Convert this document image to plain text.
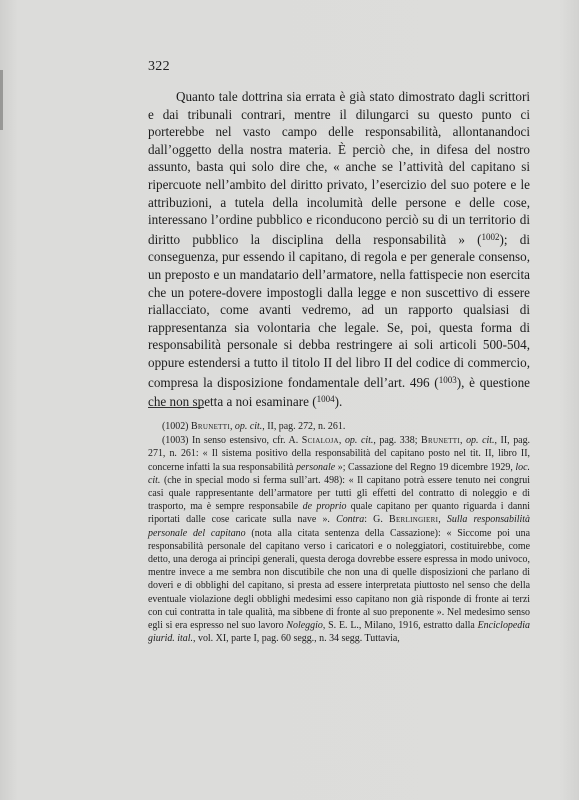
322

Quanto tale dottrina sia errata è già stato dimostrato dagli scrittori e dai tribunali contrari, mentre il dilungarci su questo punto ci porterebbe nel vasto campo delle responsabilità, allontanandoci dall’oggetto della nostra materia. È perciò che, in difesa del nostro assunto, basta qui solo dire che, « anche se l’attività del capitano si ripercuote nell’ambito del diritto privato, l’esercizio del suo potere e le attribuzioni, a tutela della incolumità delle persone e delle cose, interessano l’ordine pubblico e riconducono perciò su di un territorio di diritto pubblico la disciplina della responsabilità » ($^{1002}$); di conseguenza, pur essendo il capitano, di regola e per generale consenso, un preposto e un mandatario dell’armatore, nella fattispecie non esercita che un potere-dovere impostogli dalla legge e non suscettivo di essere riallacciato, come avanti vedremo, ad un rapporto qualsiasi di rappresentanza sia volontaria che legale. Se, poi, questa forma di responsabilità personale si debba restringere ai soli articoli 500-504, oppure estendersi a tutto il titolo II del libro II del codice di commercio, compresa la disposizione fondamentale dell’art. 496 ($^{1003}$), è questione che non spetta a noi esaminare ($^{1004}$).

(1002) Brunetti, op. cit., II, pag. 272, n. 261.

(1003) In senso estensivo, cfr. A. Scialoja, op. cit., pag. 338; Brunetti, op. cit., II, pag. 271, n. 261: « Il sistema positivo della responsabilità del capitano posto nel tit. II, libro II, concerne infatti la sua responsabilità personale »; Cassazione del Regno 19 dicembre 1929, loc. cit. (che in special modo si ferma sull’art. 498): « Il capitano potrà essere tenuto nei congrui casi quale rappresentante dell’armatore per tutti gli effetti del contratto di noleggio e di trasporto, ma è sempre responsabile de proprio quale capitano per quanto riguarda i danni riportati dalle cose caricate sulla nave ». Contra: G. Berlingieri, Sulla responsabilità personale del capitano (nota alla citata sentenza della Cassazione): « Siccome poi una responsabilità personale del capitano verso i caricatori e o noleggiatori, costituirebbe, come detto, una deroga ai principi generali, questa deroga dovrebbe essere espressa in modo univoco, mentre invece a me sembra non discutibile che non una di quelle disposizioni che parlano di doveri e di obblighi del capitano, si presta ad essere interpretata piuttosto nel senso che della eventuale violazione degli obblighi medesimi esso capitano non già risponde di fronte ai terzi con cui contratta in tale qualità, ma sibbene di fronte al suo preponente ». Nel medesimo senso egli si era espresso nel suo lavoro Noleggio, S. E. L., Milano, 1916, estratto dalla Enciclopedia giurid. ital., vol. XI, parte I, pag. 60 segg., n. 34 segg. Tuttavia,
